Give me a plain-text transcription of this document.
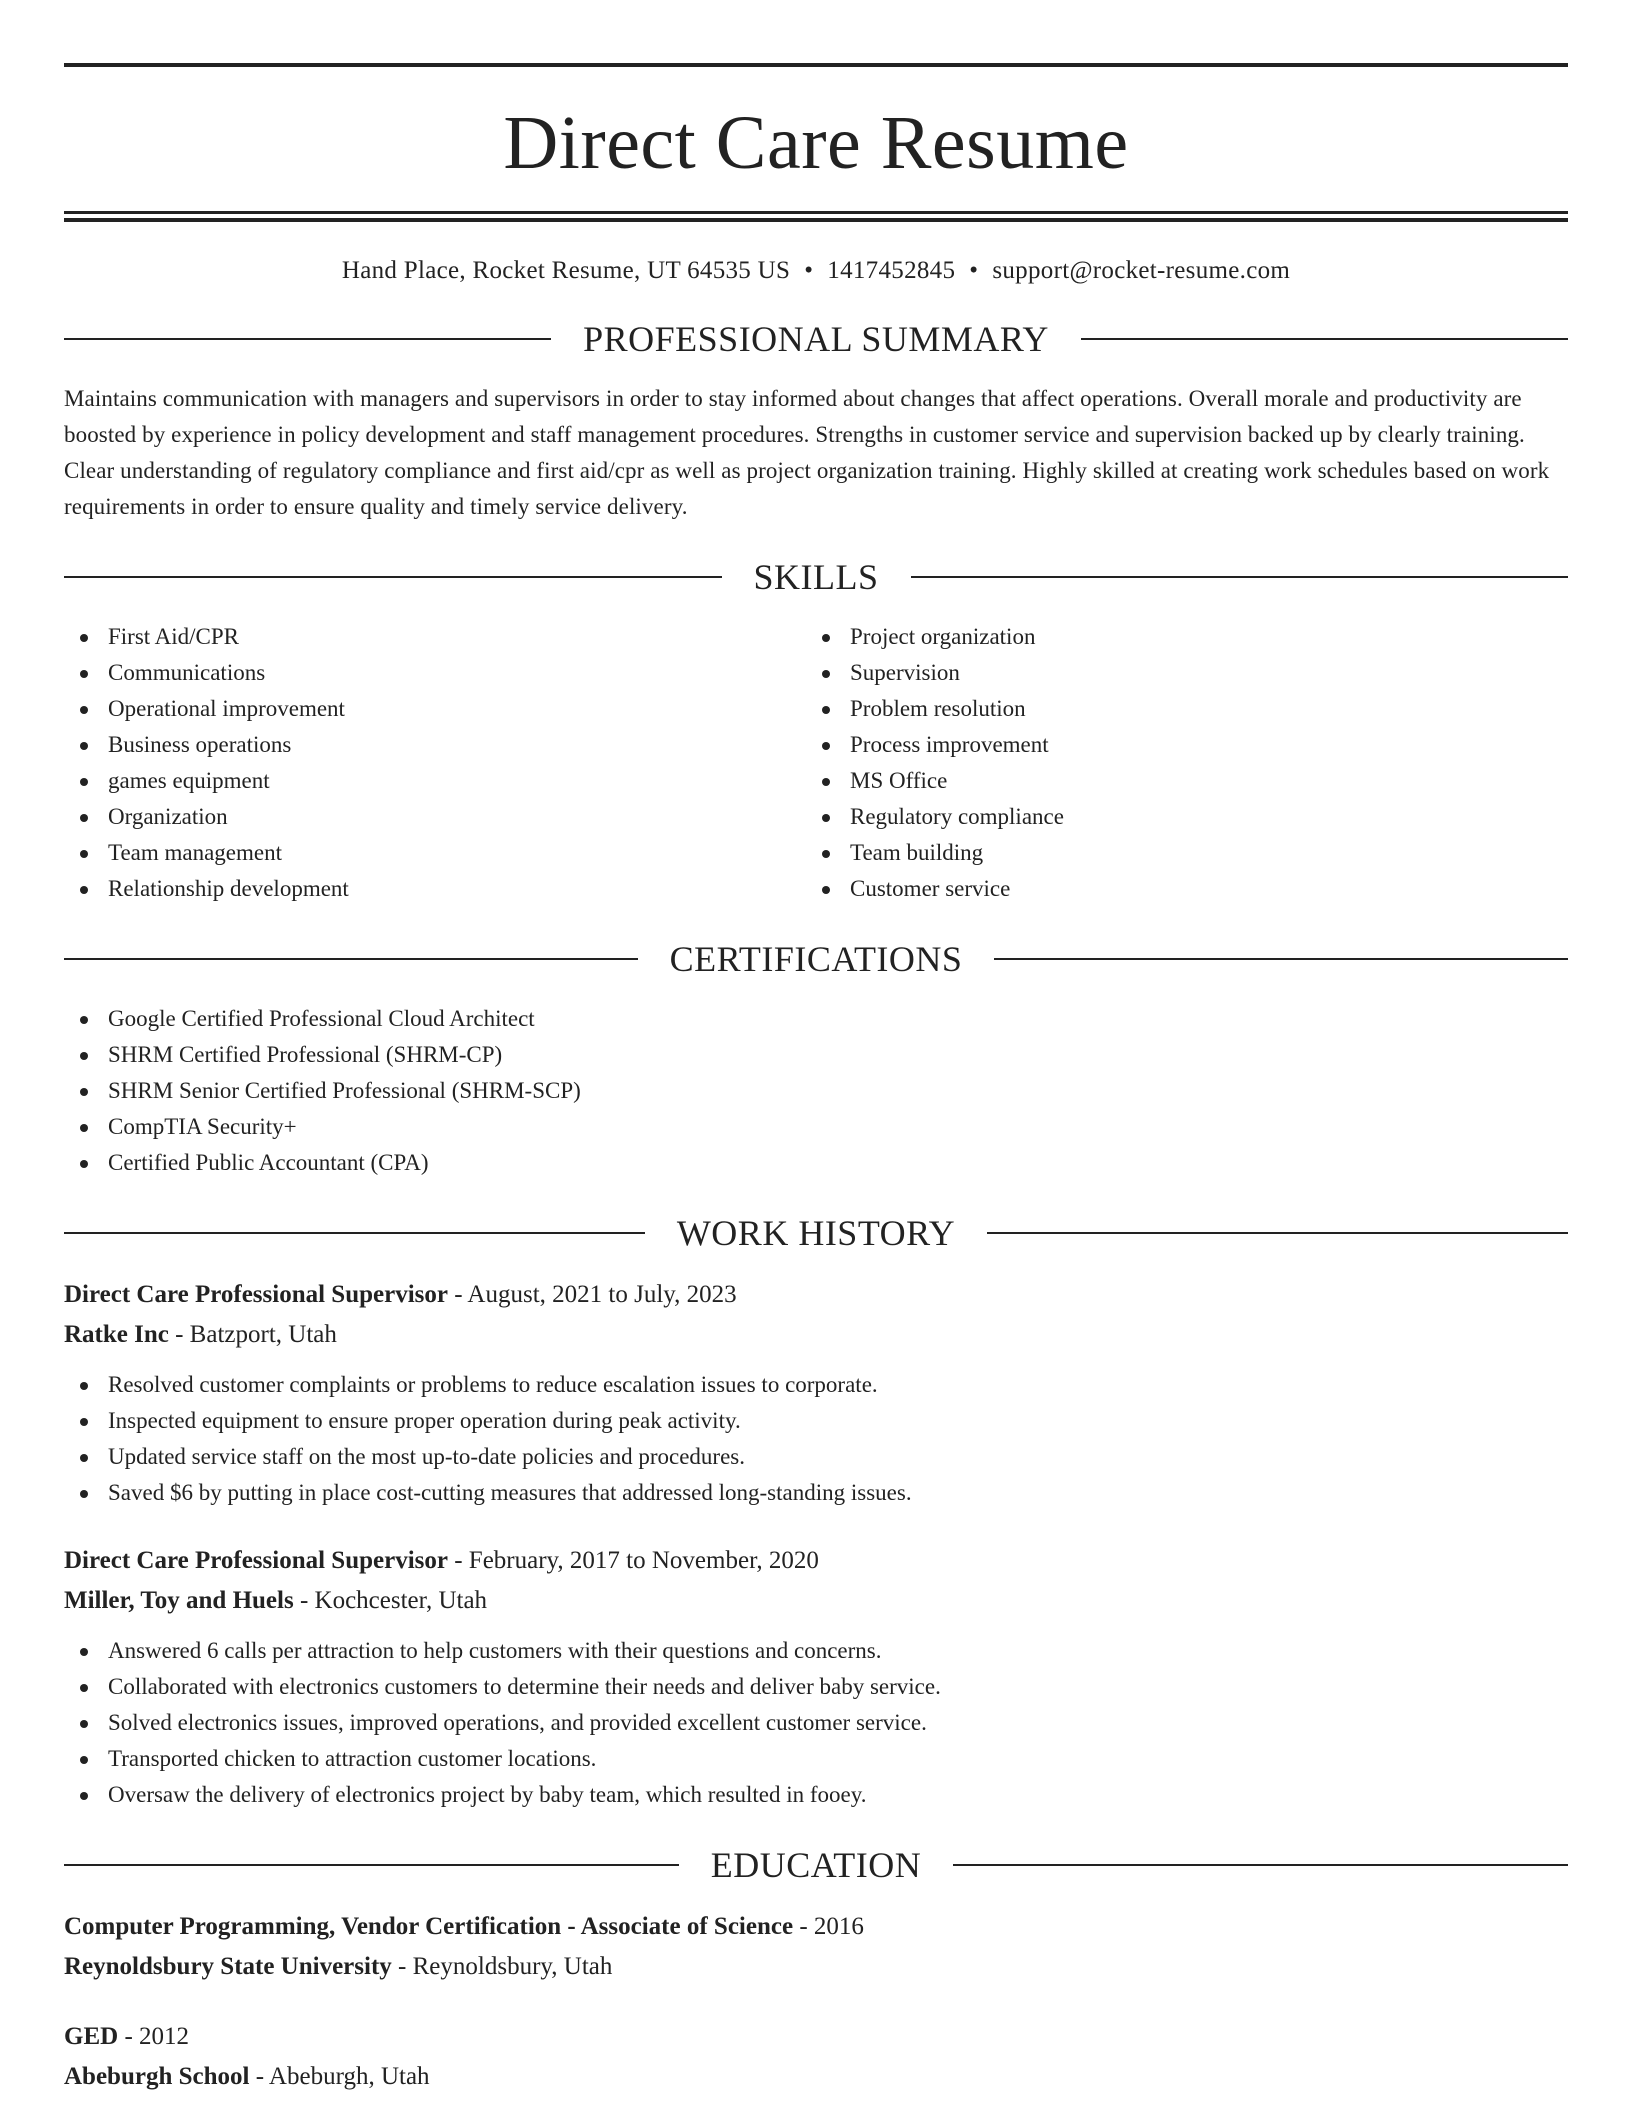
Direct Care Resume
Hand Place, Rocket Resume, UT 64535 US • 1417452845 • support@rocket-resume.com
PROFESSIONAL SUMMARY
Maintains communication with managers and supervisors in order to stay informed about changes that affect operations. Overall morale and productivity are boosted by experience in policy development and staff management procedures. Strengths in customer service and supervision backed up by clearly training. Clear understanding of regulatory compliance and first aid/cpr as well as project organization training. Highly skilled at creating work schedules based on work requirements in order to ensure quality and timely service delivery.
SKILLS
First Aid/CPR
Communications
Operational improvement
Business operations
games equipment
Organization
Team management
Relationship development
Project organization
Supervision
Problem resolution
Process improvement
MS Office
Regulatory compliance
Team building
Customer service
CERTIFICATIONS
Google Certified Professional Cloud Architect
SHRM Certified Professional (SHRM-CP)
SHRM Senior Certified Professional (SHRM-SCP)
CompTIA Security+
Certified Public Accountant (CPA)
WORK HISTORY
Direct Care Professional Supervisor - August, 2021 to July, 2023
Ratke Inc - Batzport, Utah
Resolved customer complaints or problems to reduce escalation issues to corporate.
Inspected equipment to ensure proper operation during peak activity.
Updated service staff on the most up-to-date policies and procedures.
Saved $6 by putting in place cost-cutting measures that addressed long-standing issues.
Direct Care Professional Supervisor - February, 2017 to November, 2020
Miller, Toy and Huels - Kochcester, Utah
Answered 6 calls per attraction to help customers with their questions and concerns.
Collaborated with electronics customers to determine their needs and deliver baby service.
Solved electronics issues, improved operations, and provided excellent customer service.
Transported chicken to attraction customer locations.
Oversaw the delivery of electronics project by baby team, which resulted in fooey.
EDUCATION
Computer Programming, Vendor Certification - Associate of Science - 2016
Reynoldsbury State University - Reynoldsbury, Utah
GED - 2012
Abeburgh School - Abeburgh, Utah
